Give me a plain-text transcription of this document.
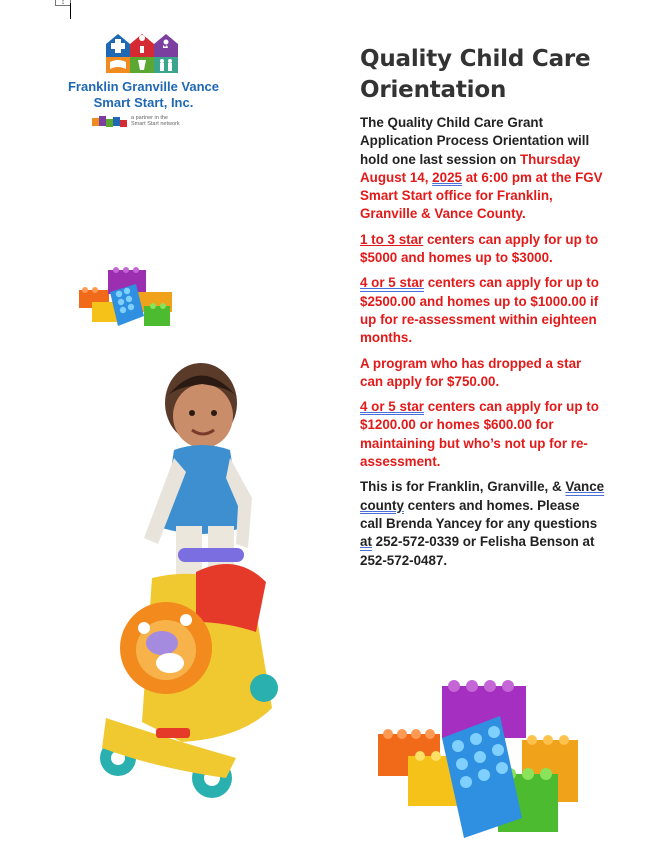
↕
Franklin Granville Vance
Smart Start, Inc.
a partner in the
Smart Start network
Quality Child Care Orientation

The Quality Child Care Grant Application Process Orientation will hold one last session on Thursday August 14, 2025 at 6:00 pm at the FGV Smart Start office for Franklin, Granville & Vance County.

1 to 3 star centers can apply for up to $5000 and homes up to $3000.

4 or 5 star centers can apply for up to $2500.00 and homes up to $1000.00 if up for re-assessment within eighteen months.

A program who has dropped a star can apply for $750.00.

4 or 5 star centers can apply for up to $1200.00 or homes $600.00 for maintaining but who’s not up for re-assessment.

This is for Franklin, Granville, & Vance county centers and homes. Please call Brenda Yancey for any questions at 252-572-0339 or Felisha Benson at 252-572-0487.
